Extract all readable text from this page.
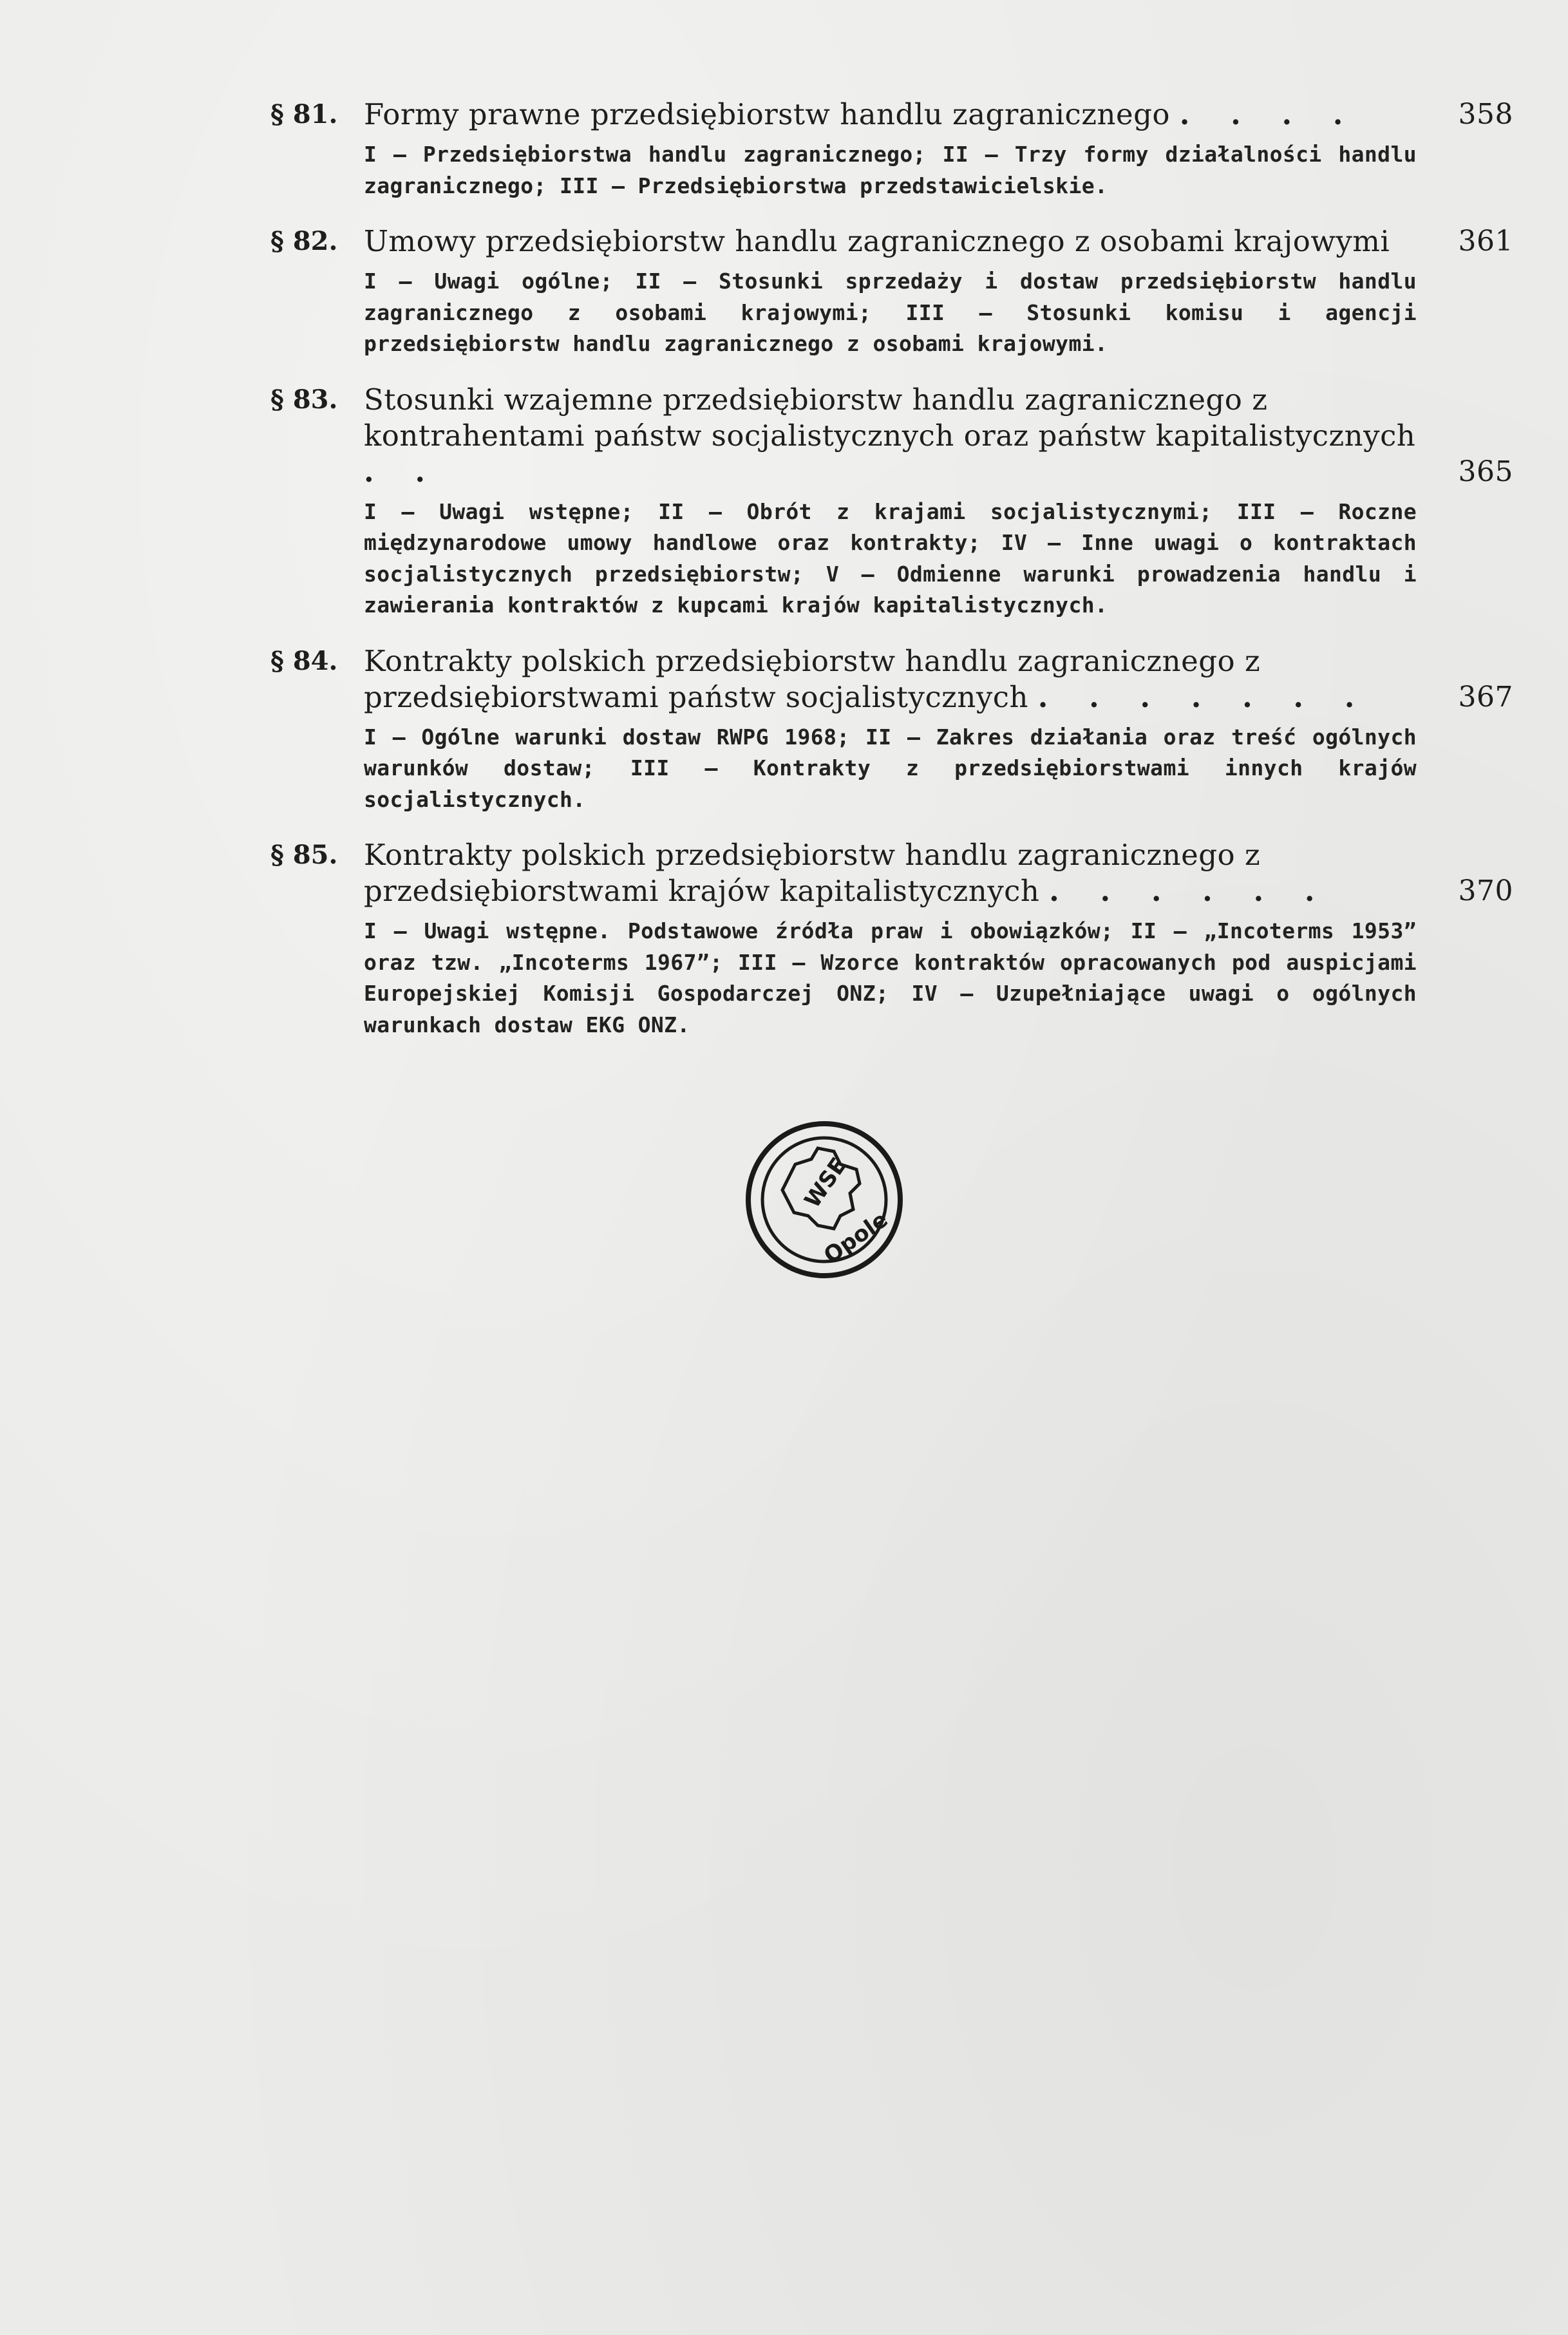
§ 81. Formy prawne przedsiębiorstw handlu zagranicznego . . . .	358
I — Przedsiębiorstwa handlu zagranicznego; II — Trzy formy działalności handlu zagranicznego; III — Przedsiębiorstwa przedstawicielskie.
§ 82. Umowy przedsiębiorstw handlu zagranicznego z osobami krajowymi 361
I — Uwagi ogólne; II — Stosunki sprzedaży i dostaw przedsiębiorstw handlu zagranicznego z osobami krajowymi; III — Stosunki komisu i agencji przedsiębiorstw handlu zagranicznego z osobami krajowymi.
§ 83. Stosunki wzajemne przedsiębiorstw handlu zagranicznego z kontrahentami państw socjalistycznych oraz państw kapitalistycznych . .	365
I — Uwagi wstępne; II — Obrót z krajami socjalistycznymi; III — Roczne międzynarodowe umowy handlowe oraz kontrakty; IV — Inne uwagi o kontraktach socjalistycznych przedsiębiorstw; V — Odmienne warunki prowadzenia handlu i zawierania kontraktów z kupcami krajów kapitalistycznych.
§ 84. Kontrakty polskich przedsiębiorstw handlu zagranicznego z przedsiębiorstwami państw socjalistycznych . . . . . . .	367
I — Ogólne warunki dostaw RWPG 1968; II — Zakres działania oraz treść ogólnych warunków dostaw; III — Kontrakty z przedsiębiorstwami innych krajów socjalistycznych.
§ 85. Kontrakty polskich przedsiębiorstw handlu zagranicznego z przedsiębiorstwami krajów kapitalistycznych . . . . . .	370
I — Uwagi wstępne. Podstawowe źródła praw i obowiązków; II — „Incoterms 1953” oraz tzw. „Incoterms 1967”; III — Wzorce kontraktów opracowanych pod auspicjami Europejskiej Komisji Gospodarczej ONZ; IV — Uzupełniające uwagi o ogólnych warunkach dostaw EKG ONZ.
WSE
Opole
